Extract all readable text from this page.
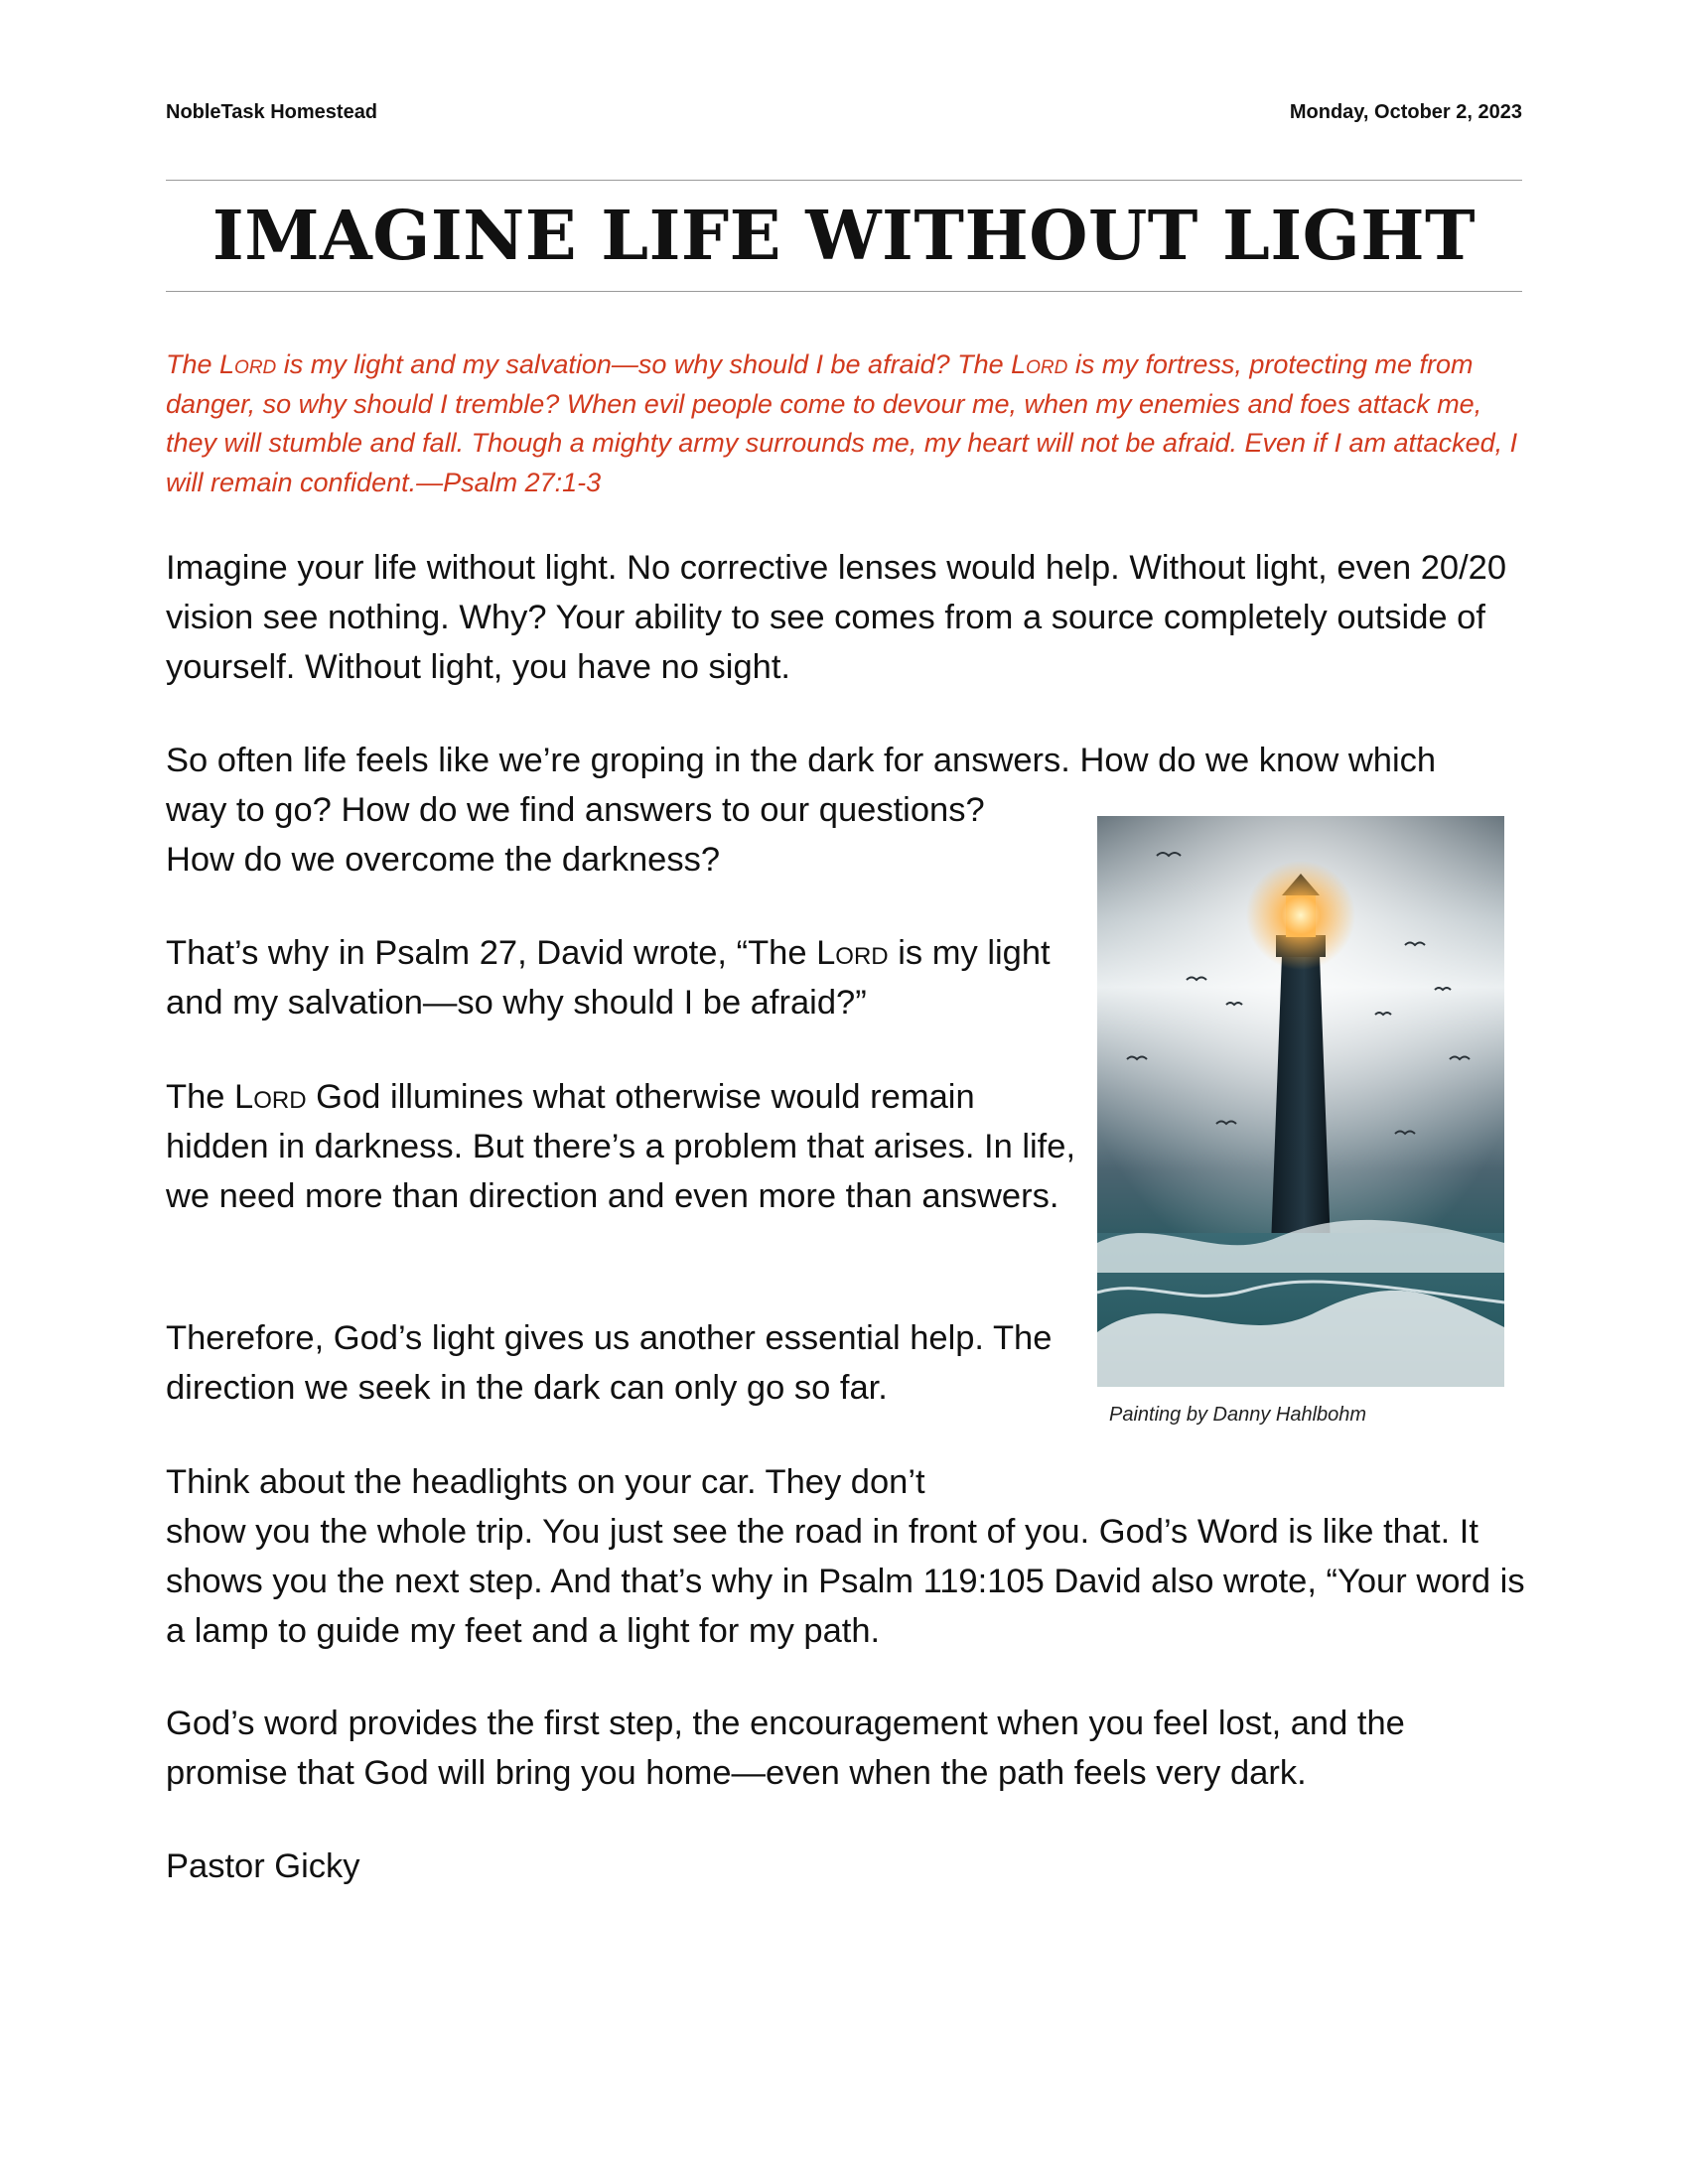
NobleTask Homestead	Monday, October 2, 2023
IMAGINE LIFE WITHOUT LIGHT

The Lord is my light and my salvation—so why should I be afraid? The Lord is my fortress, protecting me from danger, so why should I tremble? When evil people come to devour me, when my enemies and foes attack me, they will stumble and fall. Though a mighty army surrounds me, my heart will not be afraid. Even if I am attacked, I will remain confident.—Psalm 27:1-3

Imagine your life without light. No corrective lenses would help. Without light, even 20/20 vision see nothing. Why? Your ability to see comes from a source completely outside of yourself. Without light, you have no sight.

So often life feels like we’re groping in the dark for answers. How do we know which
way to go? How do we find answers to our questions?
How do we overcome the darkness?

That’s why in Psalm 27, David wrote, “The Lord is my light and my salvation—so why should I be afraid?”

The Lord God illumines what otherwise would remain hidden in darkness. But there’s a problem that arises. In life, we need more than direction and even more than answers.

Therefore, God’s light gives us another essential help. The direction we seek in the dark can only go so far.

Think about the headlights on your car. They don’t
show you the whole trip. You just see the road in front of you. God’s Word is like that. It shows you the next step. And that’s why in Psalm 119:105 David also wrote, “Your word is a lamp to guide my feet and a light for my path.

God’s word provides the first step, the encouragement when you feel lost, and the promise that God will bring you home—even when the path feels very dark.

Pastor Gicky

Painting by Danny Hahlbohm
